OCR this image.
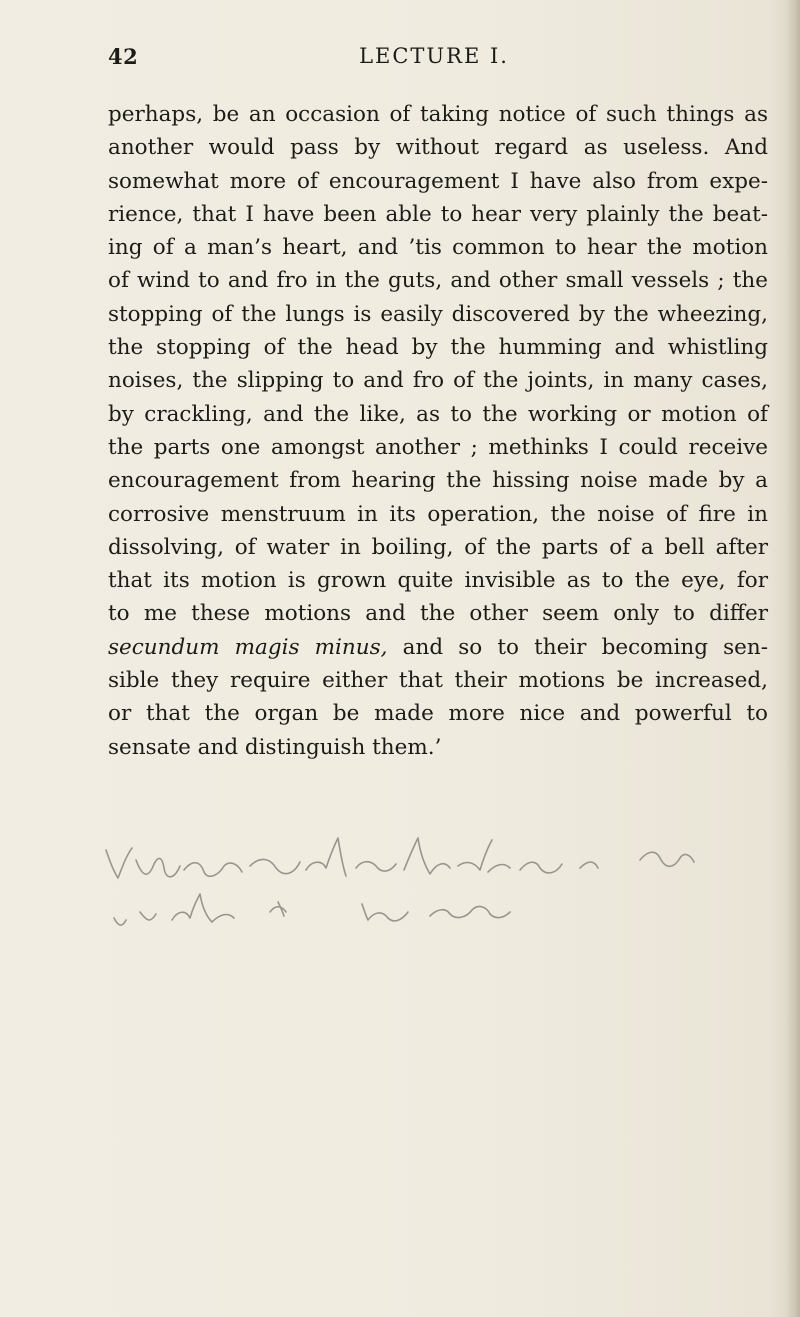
42	LECTURE I.
perhaps, be an occasion of taking notice of such things as
another would pass by without regard as useless. And
somewhat more of encouragement I have also from expe-
rience, that I have been able to hear very plainly the beat-
ing of a man’s heart, and ’tis common to hear the motion
of wind to and fro in the guts, and other small vessels ; the
stopping of the lungs is easily discovered by the wheezing,
the stopping of the head by the humming and whistling
noises, the slipping to and fro of the joints, in many cases,
by crackling, and the like, as to the working or motion of
the parts one amongst another ; methinks I could receive
encouragement from hearing the hissing noise made by a
corrosive menstruum in its operation, the noise of fire in
dissolving, of water in boiling, of the parts of a bell after
that its motion is grown quite invisible as to the eye, for
to me these motions and the other seem only to differ
secundum magis minus, and so to their becoming sen-
sible they require either that their motions be increased,
or that the organ be made more nice and powerful to
sensate and distinguish them.’
